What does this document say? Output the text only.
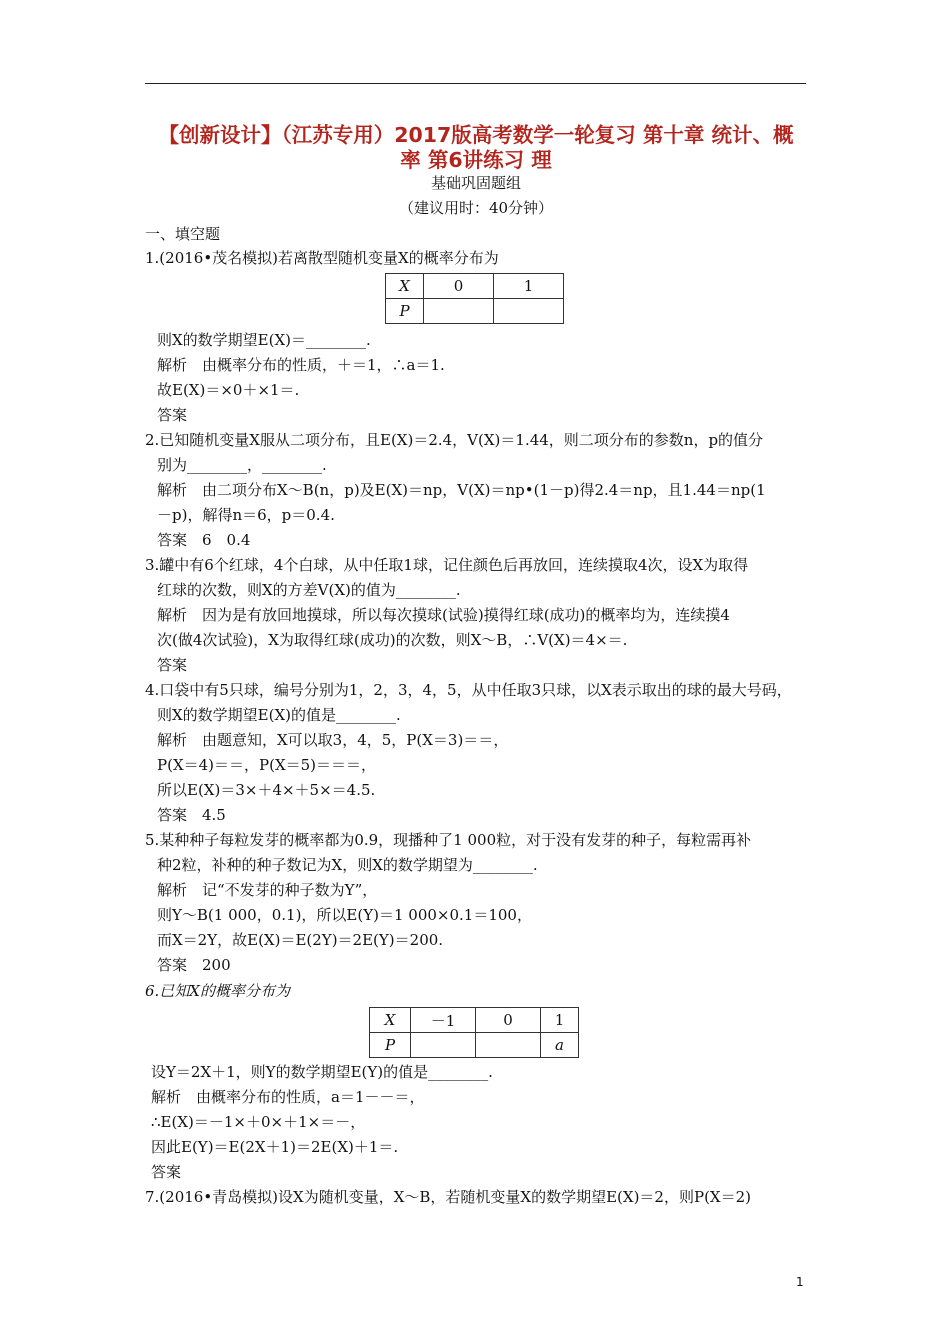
【创新设计】（江苏专用）2017版高考数学一轮复习 第十章 统计、概
率 第6讲练习 理
基础巩固题组
（建议用时：40分钟）
一、填空题
1.(2016•茂名模拟)若离散型随机变量X的概率分布为
X	0	1
P		
则X的数学期望E(X)＝________.
解析　由概率分布的性质，＋＝1，∴a＝1.
故E(X)＝×0＋×1＝.
答案
2.已知随机变量X服从二项分布，且E(X)＝2.4，V(X)＝1.44，则二项分布的参数n，p的值分
别为________，________.
解析　由二项分布X～B(n，p)及E(X)＝np，V(X)＝np•(1－p)得2.4＝np，且1.44＝np(1
－p)，解得n＝6，p＝0.4.
答案　6　0.4
3.罐中有6个红球，4个白球，从中任取1球，记住颜色后再放回，连续摸取4次，设X为取得
红球的次数，则X的方差V(X)的值为________.
解析　因为是有放回地摸球，所以每次摸球(试验)摸得红球(成功)的概率均为，连续摸4
次(做4次试验)，X为取得红球(成功)的次数，则X～B，∴V(X)＝4×＝.
答案
4.口袋中有5只球，编号分别为1，2，3，4，5，从中任取3只球，以X表示取出的球的最大号码，
则X的数学期望E(X)的值是________.
解析　由题意知，X可以取3，4，5，P(X＝3)＝＝，
P(X＝4)＝＝，P(X＝5)＝＝＝，
所以E(X)＝3×＋4×＋5×＝4.5.
答案　4.5
5.某种种子每粒发芽的概率都为0.9，现播种了1 000粒，对于没有发芽的种子，每粒需再补
种2粒，补种的种子数记为X，则X的数学期望为________.
解析　记“不发芽的种子数为Y”，
则Y～B(1 000，0.1)，所以E(Y)＝1 000×0.1＝100，
而X＝2Y，故E(X)＝E(2Y)＝2E(Y)＝200.
答案　200
6.已知X的概率分布为
X	－1	0	1
P			a
设Y＝2X＋1，则Y的数学期望E(Y)的值是________.
解析　由概率分布的性质，a＝1－－＝，
∴E(X)＝－1×＋0×＋1×＝－，
因此E(Y)＝E(2X＋1)＝2E(X)＋1＝.
答案
7.(2016•青岛模拟)设X为随机变量，X～B，若随机变量X的数学期望E(X)＝2，则P(X＝2)
1
